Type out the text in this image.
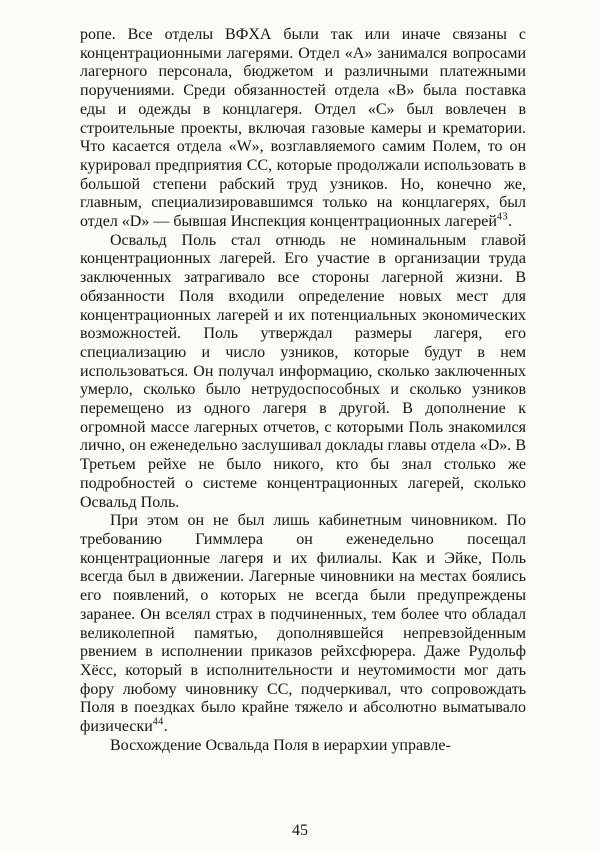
ропе. Все отделы ВФХА были так или иначе связаны с концентрационными лагерями. Отдел «А» занимался вопросами лагерного персонала, бюджетом и различными платежными поручениями. Среди обязанностей отдела «В» была поставка еды и одежды в концлагеря. Отдел «С» был вовлечен в строительные проекты, включая газовые камеры и крематории. Что касается отдела «W», возглавляемого самим Полем, то он курировал предприятия СС, которые продолжали использовать в большой степени рабский труд узников. Но, конечно же, главным, специализировавшимся только на концлагерях, был отдел «D» — бывшая Инспекция концентрационных лагерей$^{43}$.

Освальд Поль стал отнюдь не номинальным главой концентрационных лагерей. Его участие в организации труда заключенных затрагивало все стороны лагерной жизни. В обязанности Поля входили определение новых мест для концентрационных лагерей и их потенциальных экономических возможностей. Поль утверждал размеры лагеря, его специализацию и число узников, которые будут в нем использоваться. Он получал информацию, сколько заключенных умерло, сколько было нетрудоспособных и сколько узников перемещено из одного лагеря в другой. В дополнение к огромной массе лагерных отчетов, с которыми Поль знакомился лично, он еженедельно заслушивал доклады главы отдела «D». В Третьем рейхе не было никого, кто бы знал столько же подробностей о системе концентрационных лагерей, сколько Освальд Поль.

При этом он не был лишь кабинетным чиновником. По требованию Гиммлера он еженедельно посещал концентрационные лагеря и их филиалы. Как и Эйке, Поль всегда был в движении. Лагерные чиновники на местах боялись его появлений, о которых не всегда были предупреждены заранее. Он вселял страх в подчиненных, тем более что обладал великолепной памятью, дополнявшейся непревзойденным рвением в исполнении приказов рейхсфюрера. Даже Рудольф Хёсс, который в исполнительности и неутомимости мог дать фору любому чиновнику СС, подчеркивал, что сопровождать Поля в поездках было крайне тяжело и абсолютно выматывало физически$^{44}$.

Восхождение Освальда Поля в иерархии управле-

45
